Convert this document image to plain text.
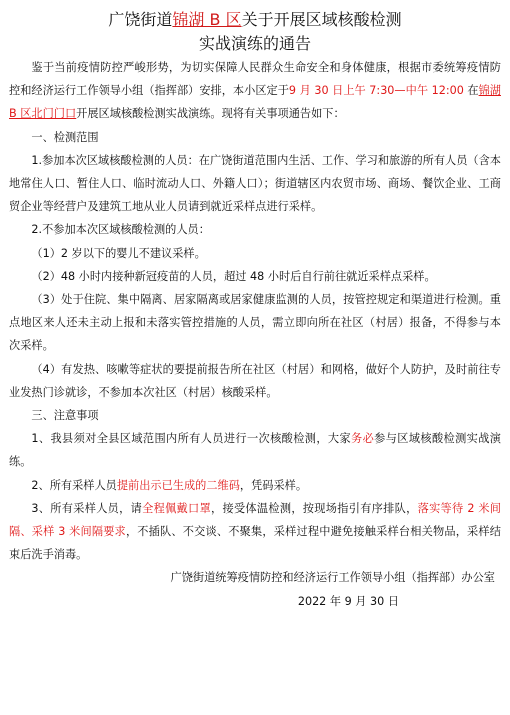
广饶街道锦湖 B 区关于开展区域核酸检测
实战演练的通告

鉴于当前疫情防控严峻形势，为切实保障人民群众生命安全和身体健康，根据市委统筹疫情防控和经济运行工作领导小组（指挥部）安排，本小区定于9 月 30 日上午 7:30—中午 12:00 在锦湖 B 区北门门口开展区域核酸检测实战演练。现将有关事项通告如下：

一、检测范围

1.参加本次区域核酸检测的人员：在广饶街道范围内生活、工作、学习和旅游的所有人员（含本地常住人口、暂住人口、临时流动人口、外籍人口）；街道辖区内农贸市场、商场、餐饮企业、工商贸企业等经营户及建筑工地从业人员请到就近采样点进行采样。

2.不参加本次区域核酸检测的人员：

（1）2 岁以下的婴儿不建议采样。

（2）48 小时内接种新冠疫苗的人员，超过 48 小时后自行前往就近采样点采样。

（3）处于住院、集中隔离、居家隔离或居家健康监测的人员，按管控规定和渠道进行检测。重点地区来人还未主动上报和未落实管控措施的人员，需立即向所在社区（村居）报备，不得参与本次采样。

（4）有发热、咳嗽等症状的要提前报告所在社区（村居）和网格，做好个人防护，及时前往专业发热门诊就诊，不参加本次社区（村居）核酸采样。

三、注意事项

1、我县须对全县区域范围内所有人员进行一次核酸检测，大家务必参与区域核酸检测实战演练。

2、所有采样人员提前出示已生成的二维码，凭码采样。

3、所有采样人员，请全程佩戴口罩，接受体温检测，按现场指引有序排队，落实等待 2 米间隔、采样 3 米间隔要求，不插队、不交谈、不聚集，采样过程中避免接触采样台相关物品，采样结束后洗手消毒。

广饶街道统筹疫情防控和经济运行工作领导小组（指挥部）办公室

2022 年 9 月 30 日
